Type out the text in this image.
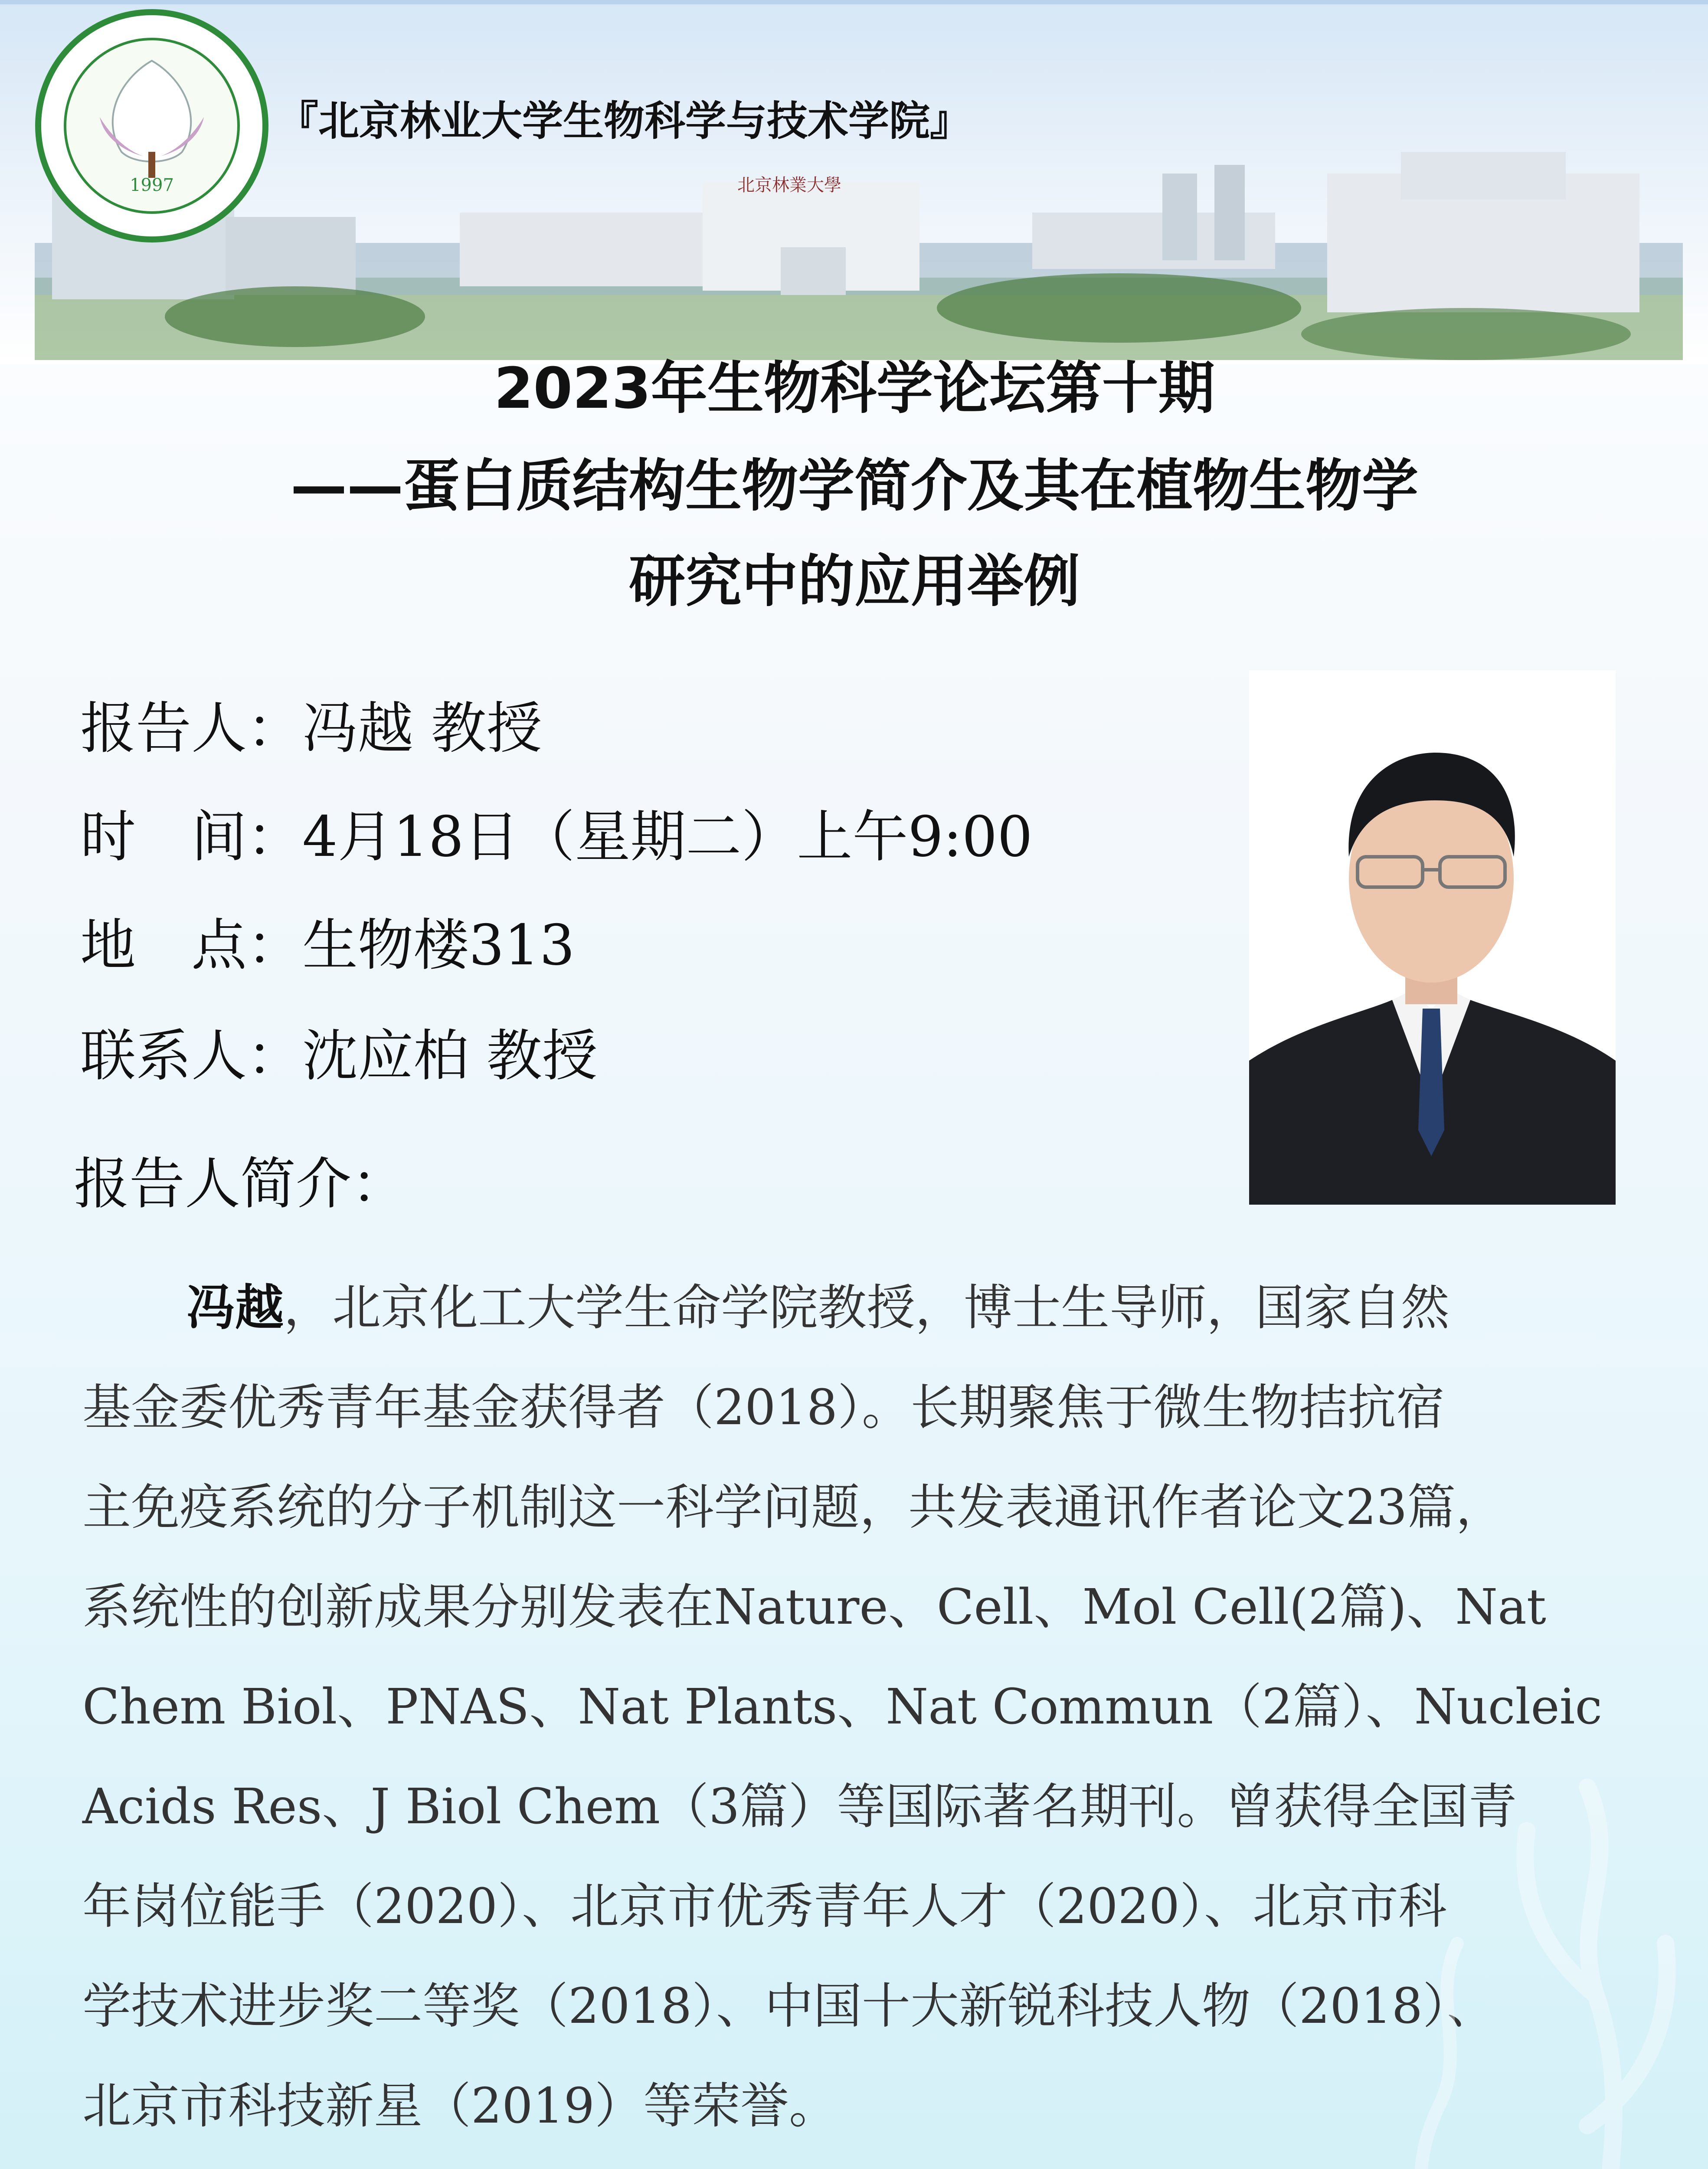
北京林業大學
1997
『北京林业大学生物科学与技术学院』
2023年生物科学论坛第十期
——蛋白质结构生物学简介及其在植物生物学
研究中的应用举例
报告人：冯越 教授
时　间：4月18日（星期二）上午9:00
地　点：生物楼313
联系人：沈应柏 教授
报告人简介：
冯越，北京化工大学生命学院教授，博士生导师，国家自然
基金委优秀青年基金获得者（2018）。长期聚焦于微生物拮抗宿
主免疫系统的分子机制这一科学问题，共发表通讯作者论文23篇，
系统性的创新成果分别发表在Nature、Cell、Mol Cell(2篇)、Nat
Chem Biol、PNAS、Nat Plants、Nat Commun（2篇）、Nucleic
Acids Res、J Biol Chem（3篇）等国际著名期刊。曾获得全国青
年岗位能手（2020）、北京市优秀青年人才（2020）、北京市科
学技术进步奖二等奖（2018）、中国十大新锐科技人物（2018）、
北京市科技新星（2019）等荣誉。
